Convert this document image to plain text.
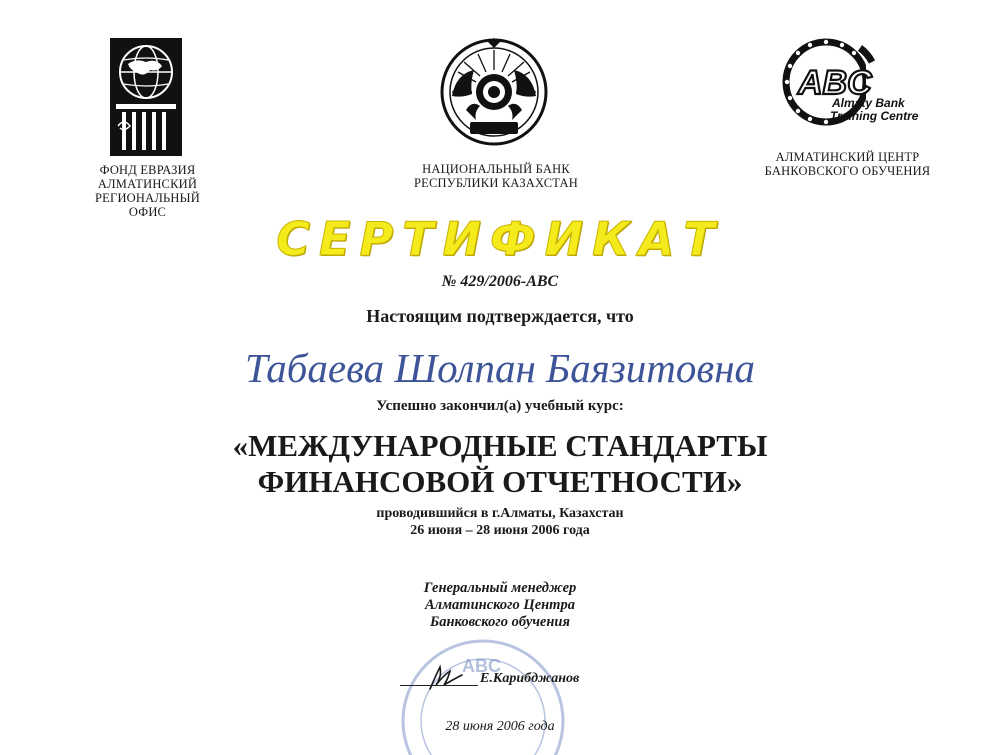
ABC
Almaty Bank
Training Centre
ФОНД ЕВРАЗИЯ
АЛМАТИНСКИЙ РЕГИОНАЛЬНЫЙ
ОФИС
НАЦИОНАЛЬНЫЙ БАНК
РЕСПУБЛИКИ КАЗАХСТАН
АЛМАТИНСКИЙ ЦЕНТР
БАНКОВСКОГО ОБУЧЕНИЯ
СЕРТИФИКАТ
№ 429/2006-ABC
Настоящим подтверждается, что
Табаева Шолпан Баязитовна
Успешно закончил(а) учебный курс:
«МЕЖДУНАРОДНЫЕ СТАНДАРТЫ
ФИНАНСОВОЙ ОТЧЕТНОСТИ»
проводившийся в г.Алматы, Казахстан
26 июня – 28 июня 2006 года
Генеральный менеджер
Алматинского Центра
Банковского обучения
ABC
Е.Карибджанов
28 июня 2006 года
